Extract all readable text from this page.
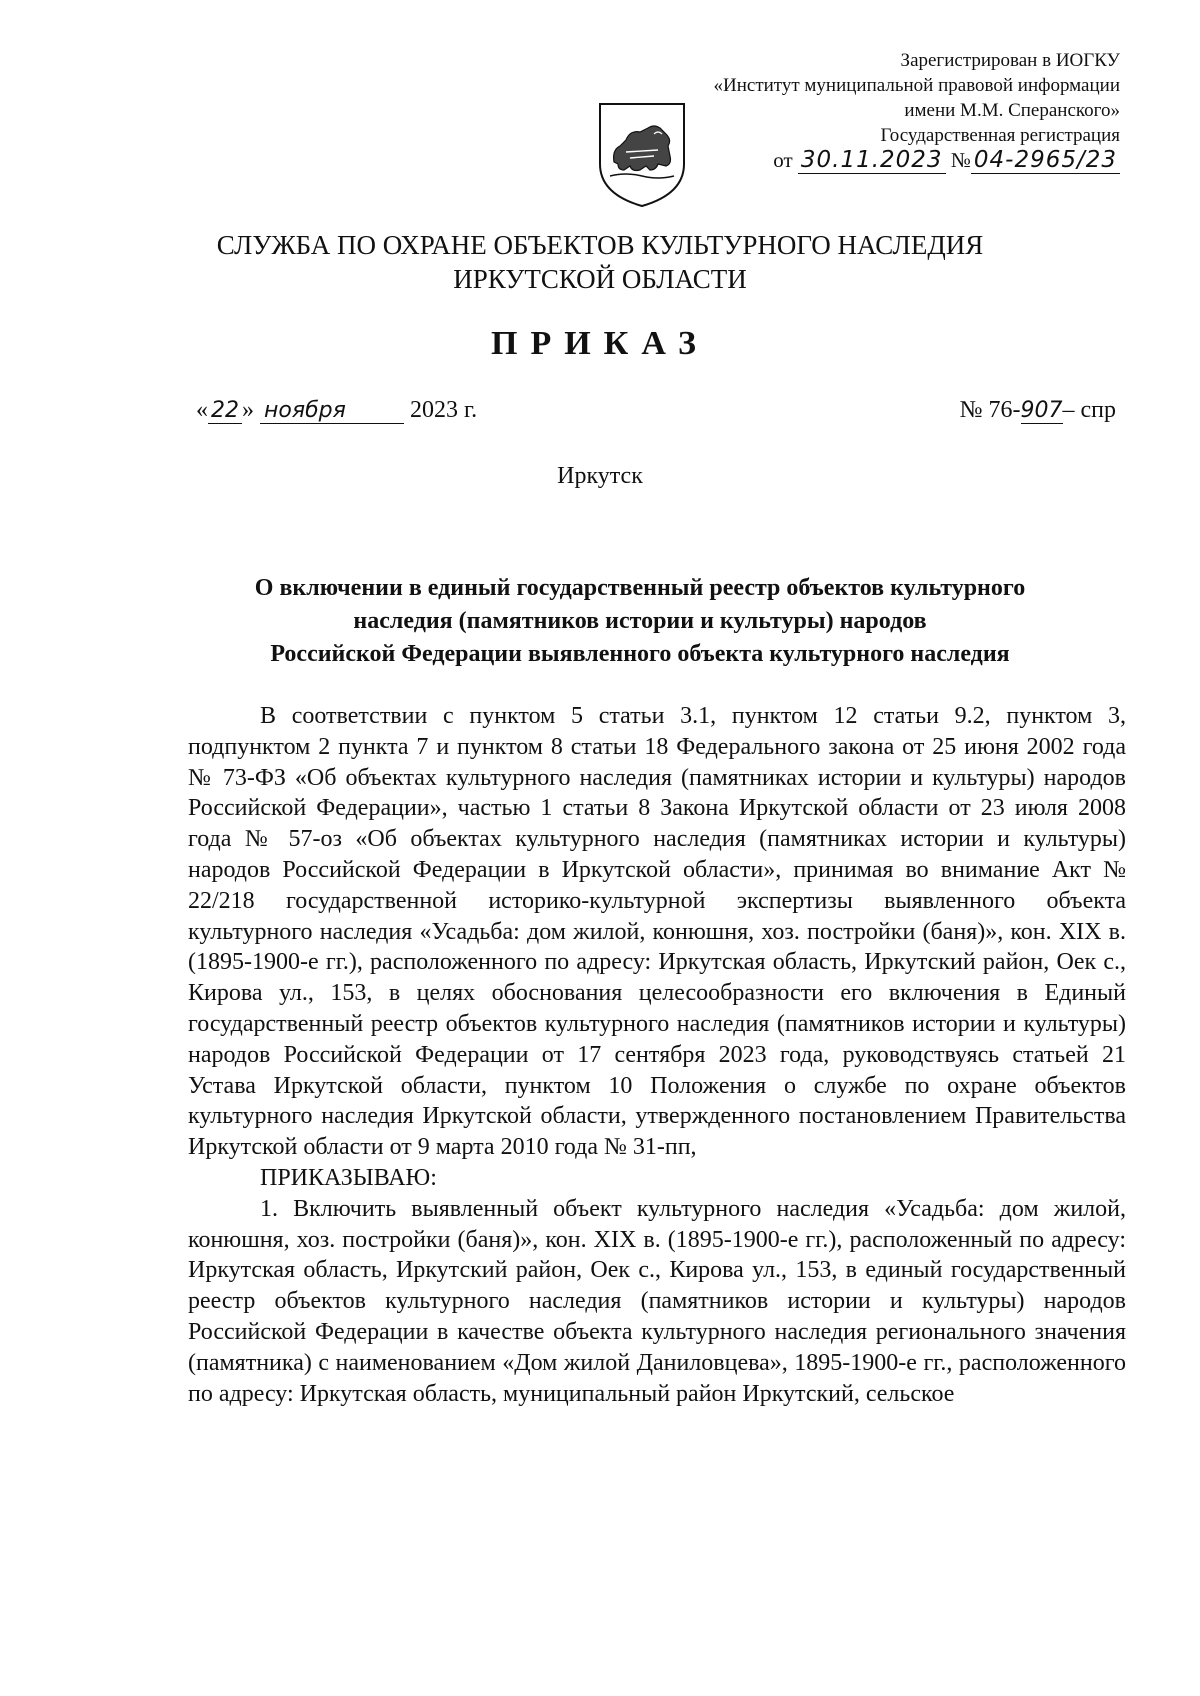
Зарегистрирован в ИОГКУ
«Институт муниципальной правовой информации
имени М.М. Сперанского»
Государственная регистрация
от 30.11.2023 № 04-2965/23
СЛУЖБА ПО ОХРАНЕ ОБЪЕКТОВ КУЛЬТУРНОГО НАСЛЕДИЯ
ИРКУТСКОЙ ОБЛАСТИ
ПРИКАЗ
« 22 » ноября	2023 г.	№ 76-907– спр
Иркутск
О включении в единый государственный реестр объектов культурного
наследия (памятников истории и культуры) народов
Российской Федерации выявленного объекта культурного наследия

В соответствии с пунктом 5 статьи 3.1, пунктом 12 статьи 9.2, пунктом 3, подпунктом 2 пункта 7 и пунктом 8 статьи 18 Федерального закона от 25 июня 2002 года № 73-ФЗ «Об объектах культурного наследия (памятниках истории и культуры) народов Российской Федерации», частью 1 статьи 8 Закона Иркутской области от 23 июля 2008 года № 57-оз «Об объектах культурного наследия (памятниках истории и культуры) народов Российской Федерации в Иркутской области», принимая во внимание Акт № 22/218 государственной историко-культурной экспертизы выявленного объекта культурного наследия «Усадьба: дом жилой, конюшня, хоз. постройки (баня)», кон. XIX в. (1895-1900-е гг.), расположенного по адресу: Иркутская область, Иркутский район, Оек с., Кирова ул., 153, в целях обоснования целесообразности его включения в Единый государственный реестр объектов культурного наследия (памятников истории и культуры) народов Российской Федерации от 17 сентября 2023 года, руководствуясь статьей 21 Устава Иркутской области, пунктом 10 Положения о службе по охране объектов культурного наследия Иркутской области, утвержденного постановлением Правительства Иркутской области от 9 марта 2010 года № 31-пп,

ПРИКАЗЫВАЮ:

1. Включить выявленный объект культурного наследия «Усадьба: дом жилой, конюшня, хоз. постройки (баня)», кон. XIX в. (1895-1900-е гг.), расположенный по адресу: Иркутская область, Иркутский район, Оек с., Кирова ул., 153, в единый государственный реестр объектов культурного наследия (памятников истории и культуры) народов Российской Федерации в качестве объекта культурного наследия регионального значения (памятника) с наименованием «Дом жилой Даниловцева», 1895-1900-е гг., расположенного по адресу: Иркутская область, муниципальный район Иркутский, сельское
